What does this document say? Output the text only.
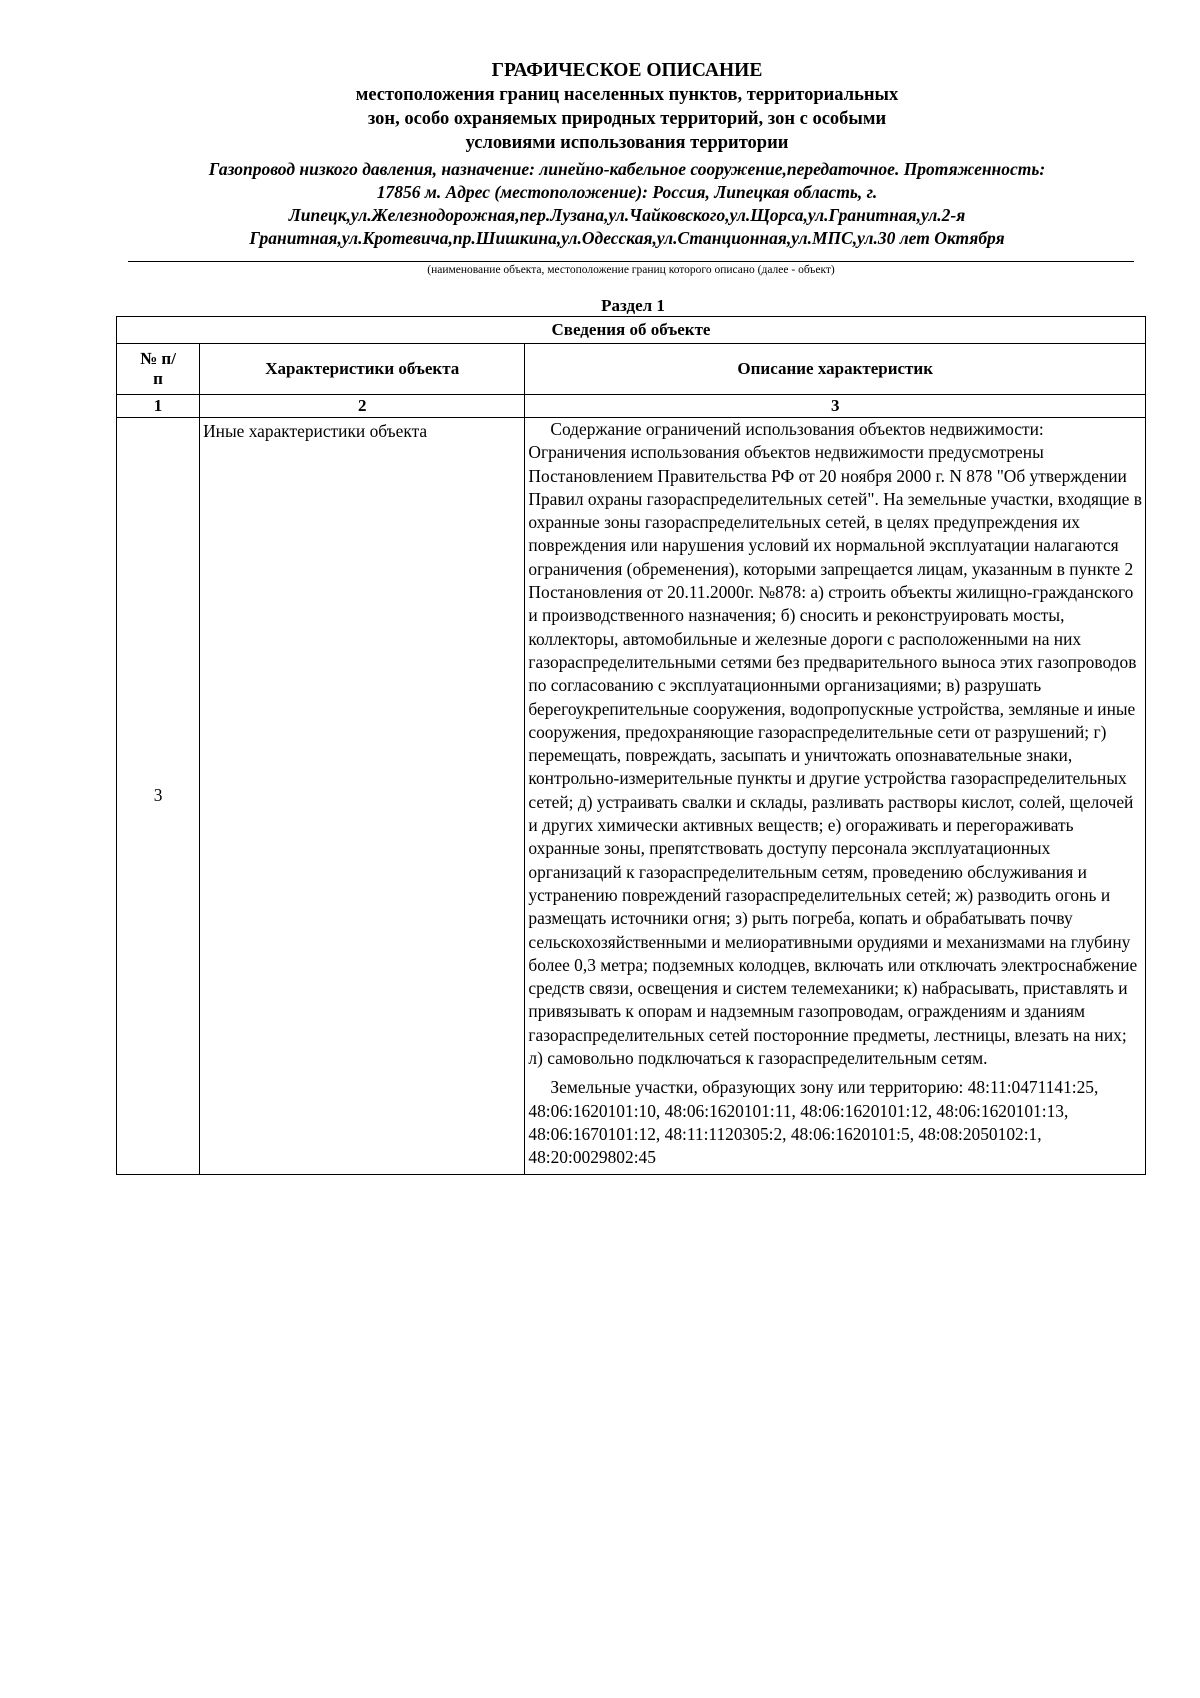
ГРАФИЧЕСКОЕ ОПИСАНИЕ
местоположения границ населенных пунктов, территориальных
зон, особо охраняемых природных территорий, зон с особыми
условиями использования территории
Газопровод низкого давления, назначение: линейно-кабельное сооружение,передаточное. Протяженность:
17856 м. Адрес (местоположение): Россия, Липецкая область, г.
Липецк,ул.Железнодорожная,пер.Лузана,ул.Чайковского,ул.Щорса,ул.Гранитная,ул.2-я
Гранитная,ул.Кротевича,пр.Шишкина,ул.Одесская,ул.Станционная,ул.МПС,ул.30 лет Октября
(наименование объекта, местоположение границ которого описано (далее - объект)
Раздел 1
Сведения об объекте		

№ п/п	Характеристики объекта	Описание характеристик
1	2	3
3	Иные характеристики объекта	Содержание ограничений использования объектов недвижимости: Ограничения использования объектов недвижимости предусмотрены Постановлением Правительства РФ от 20 ноября 2000 г. N 878 "Об утверждении Правил охраны газораспределительных сетей". На земельные участки, входящие в охранные зоны газораспределительных сетей, в целях предупреждения их повреждения или нарушения условий их нормальной эксплуатации налагаются ограничения (обременения), которыми запрещается лицам, указанным в пункте 2 Постановления от 20.11.2000г. №878: а) строить объекты жилищно-гражданского и производственного назначения; б) сносить и реконструировать мосты, коллекторы, автомобильные и железные дороги с расположенными на них газораспределительными сетями без предварительного выноса этих газопроводов по согласованию с эксплуатационными организациями; в) разрушать берегоукрепительные сооружения, водопропускные устройства, земляные и иные сооружения, предохраняющие газораспределительные сети от разрушений; г) перемещать, повреждать, засыпать и уничтожать опознавательные знаки, контрольно-измерительные пункты и другие устройства газораспределительных сетей; д) устраивать свалки и склады, разливать растворы кислот, солей, щелочей и других химически активных веществ; е) огораживать и перегораживать охранные зоны, препятствовать доступу персонала эксплуатационных организаций к газораспределительным сетям, проведению обслуживания и устранению повреждений газораспределительных сетей; ж) разводить огонь и размещать источники огня; з) рыть погреба, копать и обрабатывать почву сельскохозяйственными и мелиоративными орудиями и механизмами на глубину более 0,3 метра; подземных колодцев, включать или отключать электроснабжение средств связи, освещения и систем телемеханики; к) набрасывать, приставлять и привязывать к опорам и надземным газопроводам, ограждениям и зданиям газораспределительных сетей посторонние предметы, лестницы, влезать на них; л) самовольно подключаться к газораспределительным сетям.

Земельные участки, образующих зону или территорию: 48:11:0471141:25, 48:06:1620101:10, 48:06:1620101:11, 48:06:1620101:12, 48:06:1620101:13, 48:06:1670101:12, 48:11:1120305:2, 48:06:1620101:5, 48:08:2050102:1, 48:20:0029802:45
